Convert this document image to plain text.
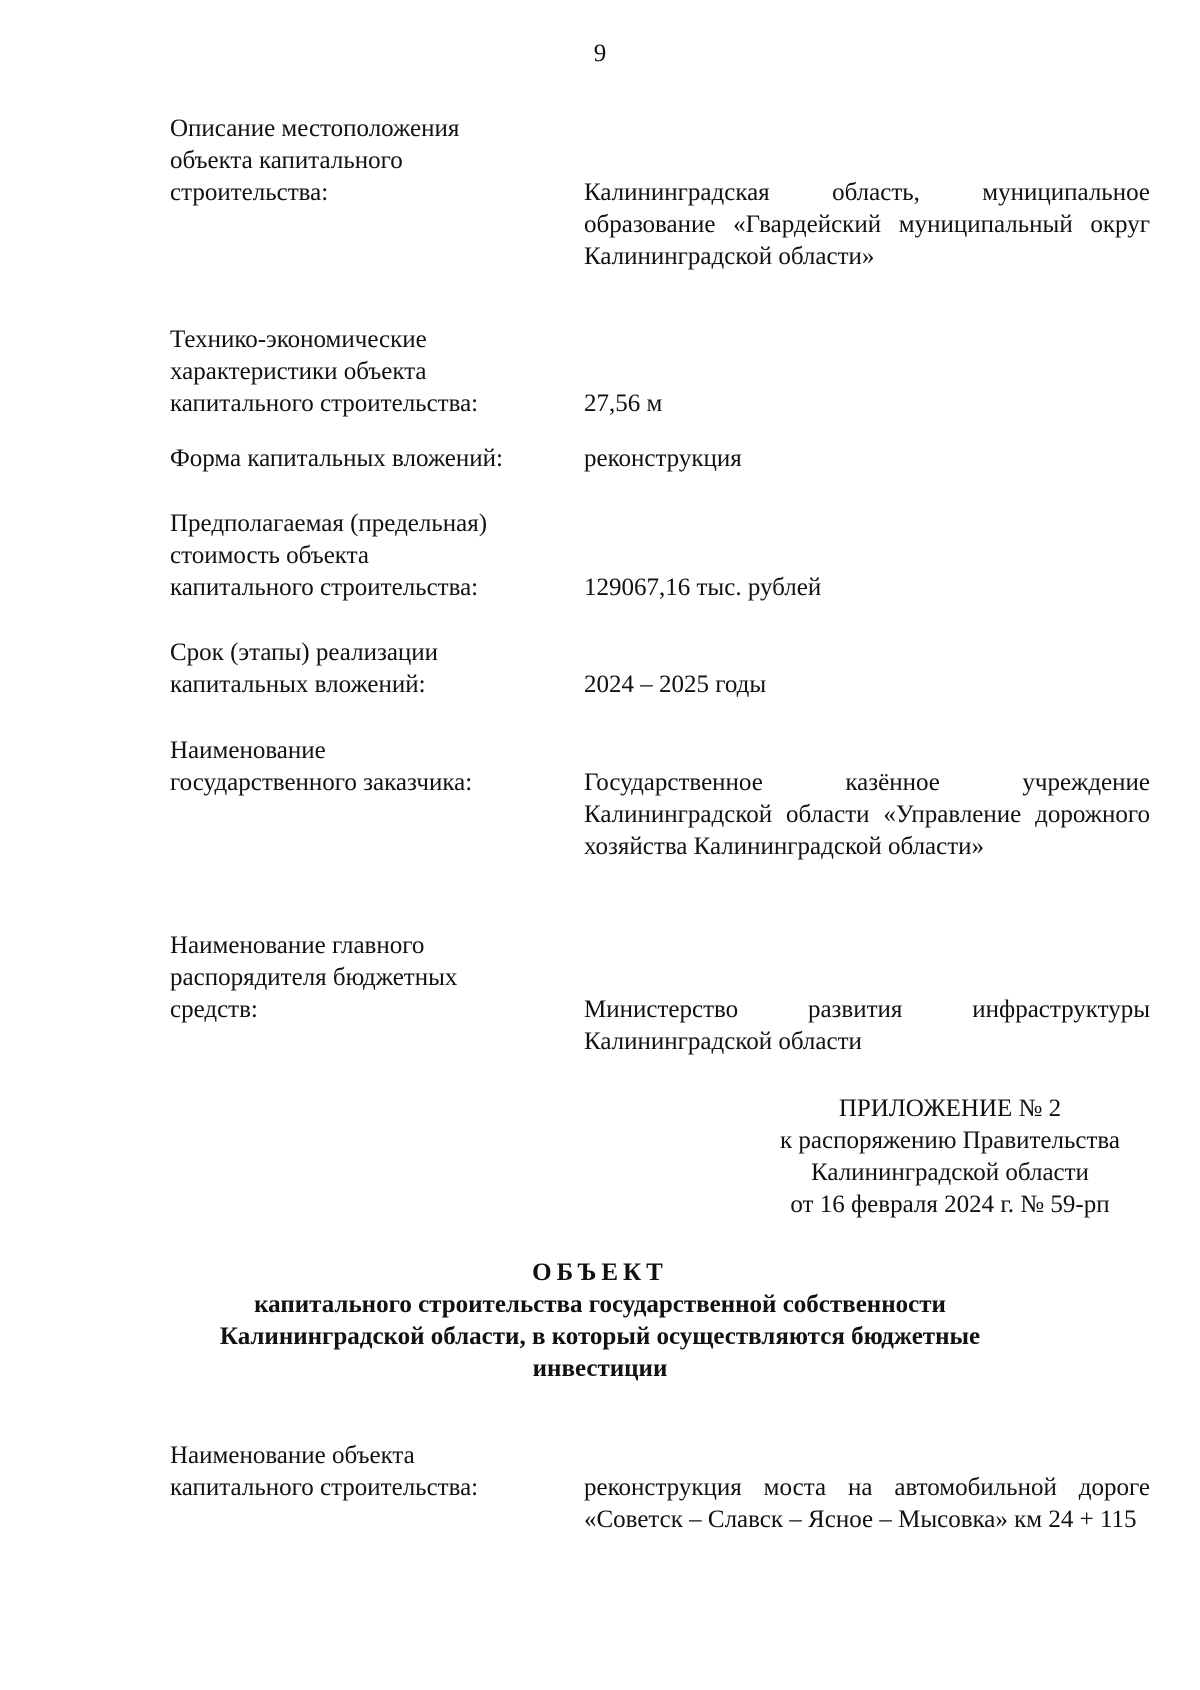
9
Описание местоположения
объекта капитального
строительства:	Калининградская область, муниципальное образование «Гвардейский муниципальный округ Калининградской области»
Технико-экономические
характеристики объекта
капитального строительства:	27,56 м
Форма капитальных вложений:	реконструкция
Предполагаемая (предельная)
стоимость объекта
капитального строительства:	129067,16 тыс. рублей
Срок (этапы) реализации
капитальных вложений:	2024 – 2025 годы
Наименование
государственного заказчика:	Государственное казённое учреждение Калининградской области «Управление дорожного хозяйства Калининградской области»
Наименование главного
распорядителя бюджетных
средств:	Министерство развития инфраструктуры Калининградской области
ПРИЛОЖЕНИЕ № 2
к распоряжению Правительства
Калининградской области
от 16 февраля 2024 г. № 59-рп
ОБЪЕКТ
капитального строительства государственной собственности
Калининградской области, в который осуществляются бюджетные
инвестиции
Наименование объекта
капитального строительства:	реконструкция моста на автомобильной дороге «Советск – Славск – Ясное – Мысовка» км 24 + 115
